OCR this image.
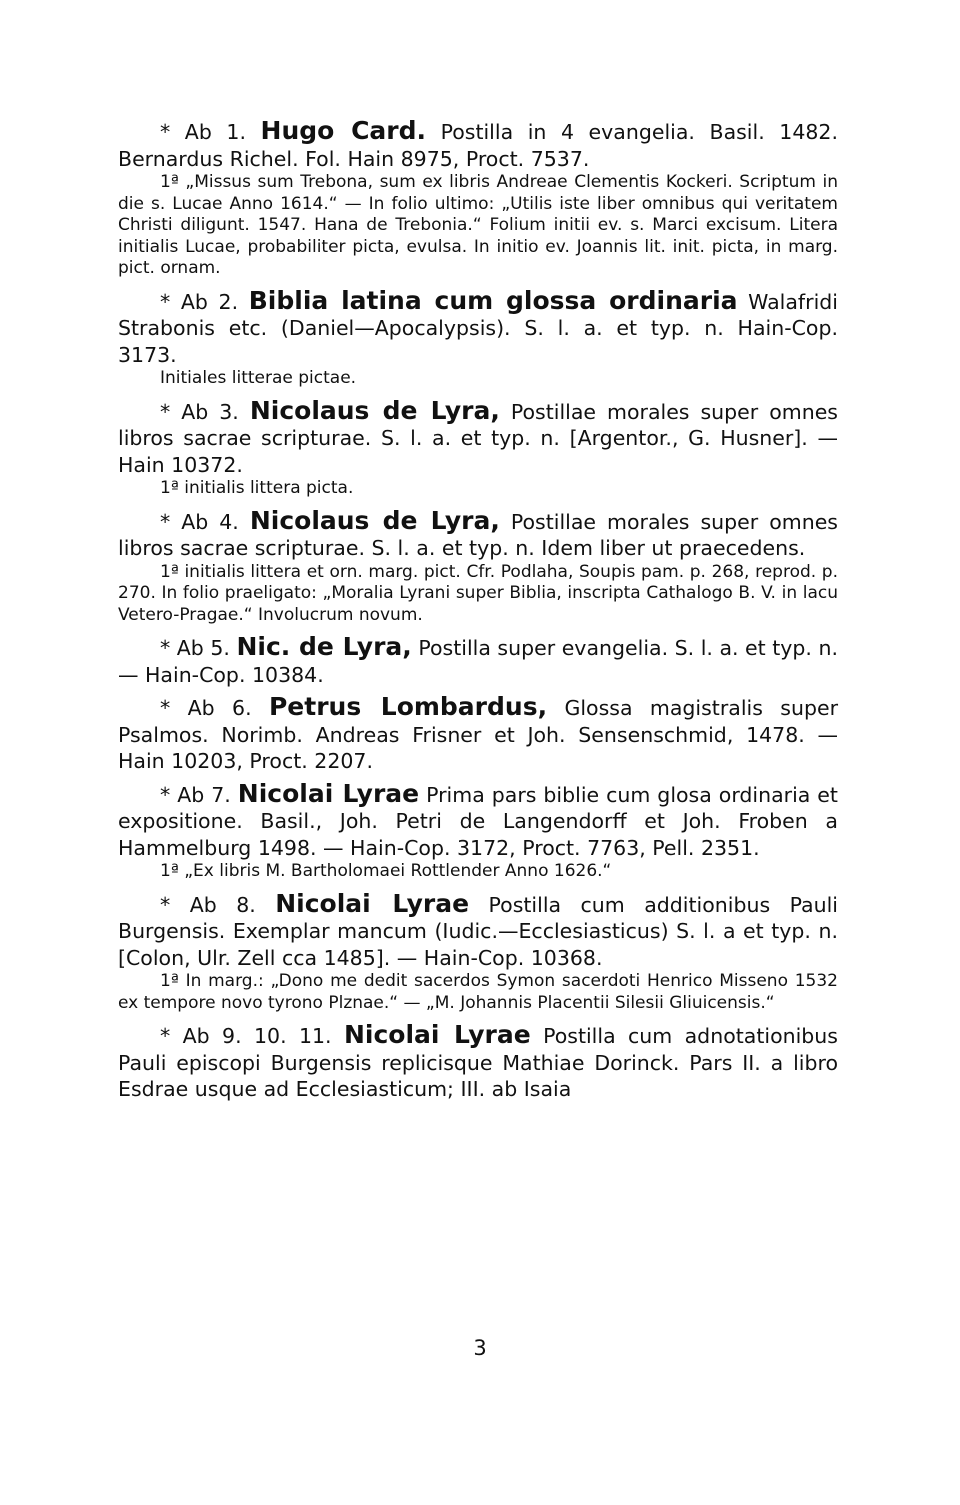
* Ab 1. Hugo Card. Postilla in 4 evangelia. Basil. 1482. Bernardus Richel. Fol. Hain 8975, Proct. 7537.

1ª „Missus sum Trebona, sum ex libris Andreae Clementis Kockeri. Scriptum in die s. Lucae Anno 1614.“ — In folio ultimo: „Utilis iste liber omnibus qui veritatem Christi diligunt. 1547. Hana de Trebonia.“ Folium initii ev. s. Marci excisum. Litera initialis Lucae, probabiliter picta, evulsa. In initio ev. Joannis lit. init. picta, in marg. pict. ornam.

* Ab 2. Biblia latina cum glossa ordinaria Walafridi Strabonis etc. (Daniel—Apocalypsis). S. l. a. et typ. n. Hain-Cop. 3173.

Initiales litterae pictae.

* Ab 3. Nicolaus de Lyra, Postillae morales super omnes libros sacrae scripturae. S. l. a. et typ. n. [Argentor., G. Husner]. — Hain 10372.

1ª initialis littera picta.

* Ab 4. Nicolaus de Lyra, Postillae morales super omnes libros sacrae scripturae. S. l. a. et typ. n. Idem liber ut praecedens.

1ª initialis littera et orn. marg. pict. Cfr. Podlaha, Soupis pam. p. 268, reprod. p. 270. In folio praeligato: „Moralia Lyrani super Biblia, inscripta Cathalogo B. V. in lacu Vetero-Pragae.“ Involucrum novum.

* Ab 5. Nic. de Lyra, Postilla super evangelia. S. l. a. et typ. n. — Hain-Cop. 10384.

* Ab 6. Petrus Lombardus, Glossa magistralis super Psalmos. Norimb. Andreas Frisner et Joh. Sensenschmid, 1478. — Hain 10203, Proct. 2207.

* Ab 7. Nicolai Lyrae Prima pars biblie cum glosa ordinaria et expositione. Basil., Joh. Petri de Langendorff et Joh. Froben a Hammelburg 1498. — Hain-Cop. 3172, Proct. 7763, Pell. 2351.

1ª „Ex libris M. Bartholomaei Rottlender Anno 1626.“

* Ab 8. Nicolai Lyrae Postilla cum additionibus Pauli Burgensis. Exemplar mancum (Iudic.—Ecclesiasticus) S. l. a et typ. n. [Colon, Ulr. Zell cca 1485]. — Hain-Cop. 10368.

1ª In marg.: „Dono me dedit sacerdos Symon sacerdoti Henrico Misseno 1532 ex tempore novo tyrono Plznae.“ — „M. Johannis Placentii Silesii Gliuicensis.“

* Ab 9. 10. 11. Nicolai Lyrae Postilla cum adnotationibus Pauli episcopi Burgensis replicisque Mathiae Dorinck. Pars II. a libro Esdrae usque ad Ecclesiasticum; III. ab Isaia

3
